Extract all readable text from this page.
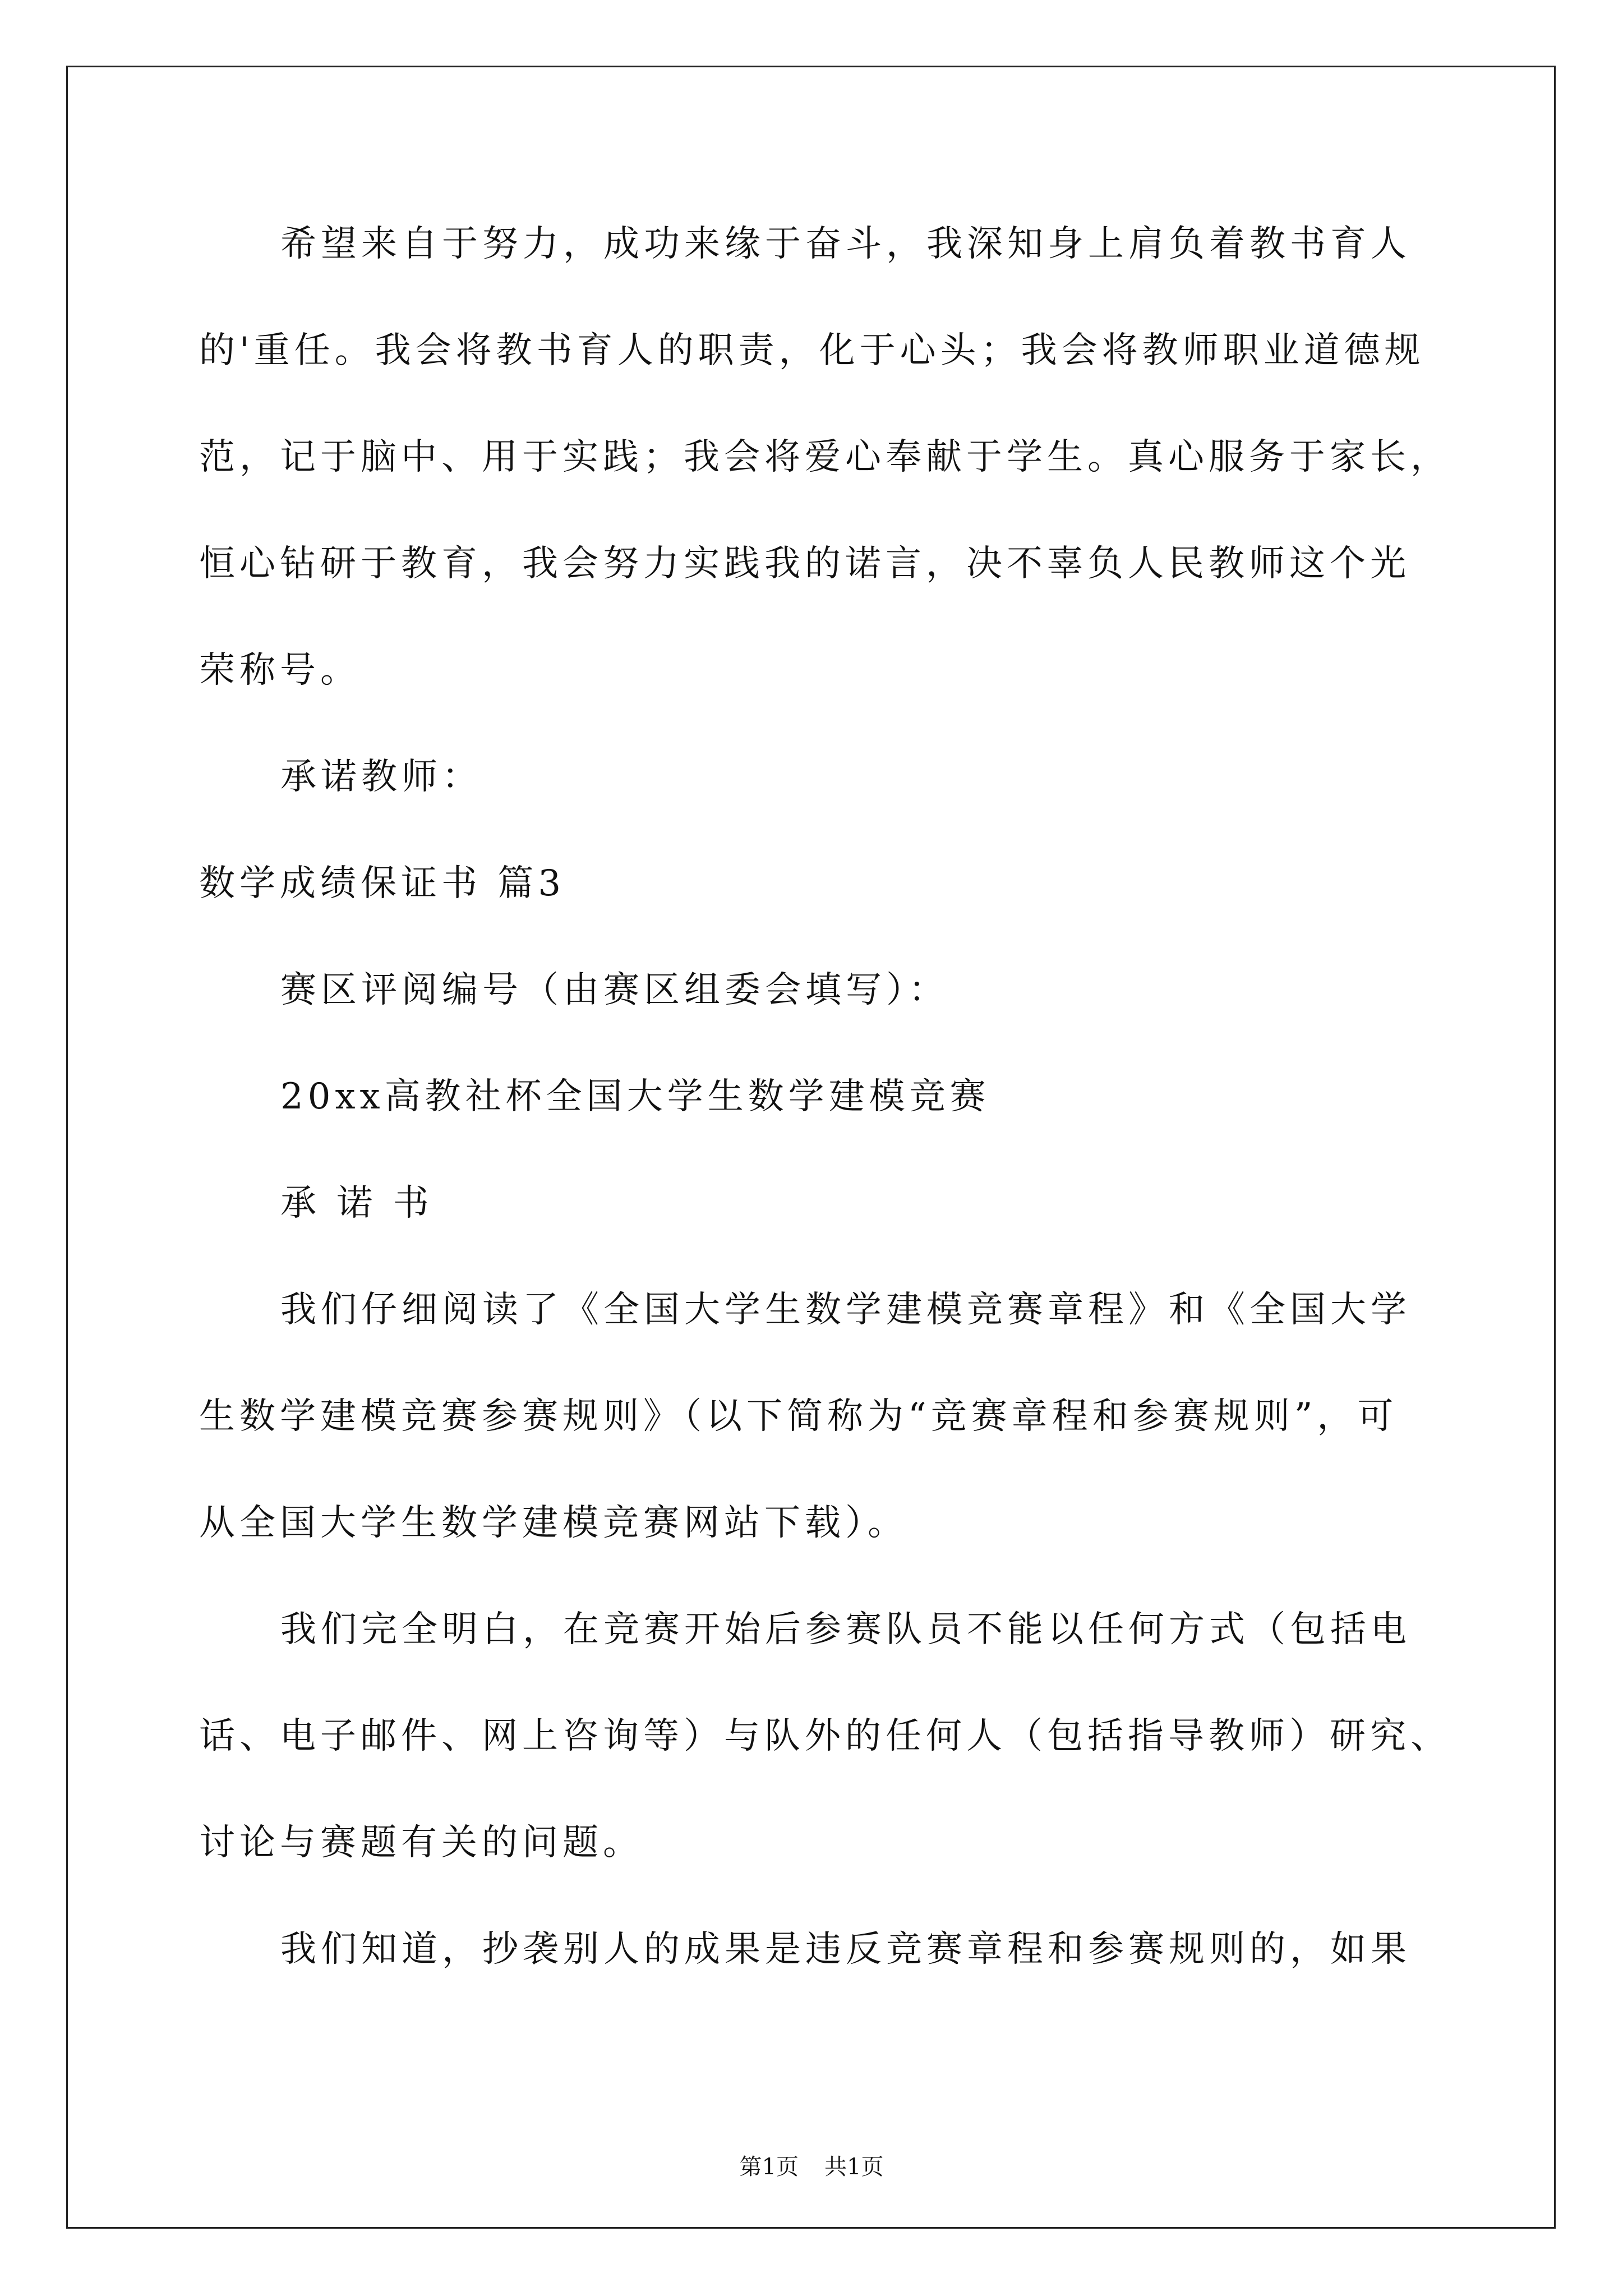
希望来自于努力，成功来缘于奋斗，我深知身上肩负着教书育人
的'重任。我会将教书育人的职责，化于心头；我会将教师职业道德规
范，记于脑中、用于实践；我会将爱心奉献于学生。真心服务于家长，
恒心钻研于教育，我会努力实践我的诺言，决不辜负人民教师这个光
荣称号。
承诺教师：
数学成绩保证书 篇3
赛区评阅编号（由赛区组委会填写）：
20xx高教社杯全国大学生数学建模竞赛
承 诺 书
我们仔细阅读了《全国大学生数学建模竞赛章程》和《全国大学
生数学建模竞赛参赛规则》（以下简称为“竞赛章程和参赛规则”，可
从全国大学生数学建模竞赛网站下载）。
我们完全明白，在竞赛开始后参赛队员不能以任何方式（包括电
话、电子邮件、网上咨询等）与队外的任何人（包括指导教师）研究、
讨论与赛题有关的问题。
我们知道，抄袭别人的成果是违反竞赛章程和参赛规则的，如果
第1页 共1页
